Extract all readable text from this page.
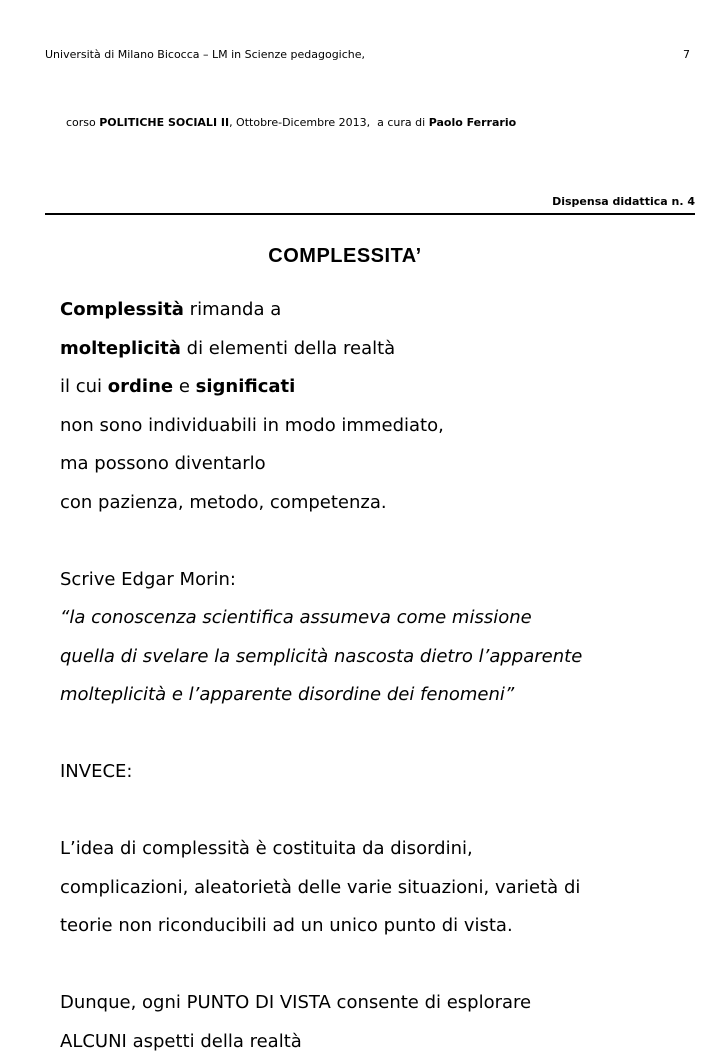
Università di Milano Bicocca – LM in Scienze pedagogiche,	7

corso POLITICHE SOCIALI II, Ottobre-Dicembre 2013,  a cura di Paolo Ferrario

Dispensa didattica n. 4
COMPLESSITA’
Complessità rimanda a
molteplicità di elementi della realtà
il cui ordine e significati
non sono individuabili in modo immediato,
ma possono diventarlo
con pazienza, metodo, competenza.
Scrive Edgar Morin:
“la conoscenza scientifica assumeva come missione
quella di svelare la semplicità nascosta dietro l’apparente
molteplicità e l’apparente disordine dei fenomeni”
INVECE:
L’idea di complessità è costituita da disordini,
complicazioni, aleatorietà delle varie situazioni, varietà di
teorie non riconducibili ad un unico punto di vista.
Dunque, ogni PUNTO DI VISTA consente di esplorare
ALCUNI aspetti della realtà
